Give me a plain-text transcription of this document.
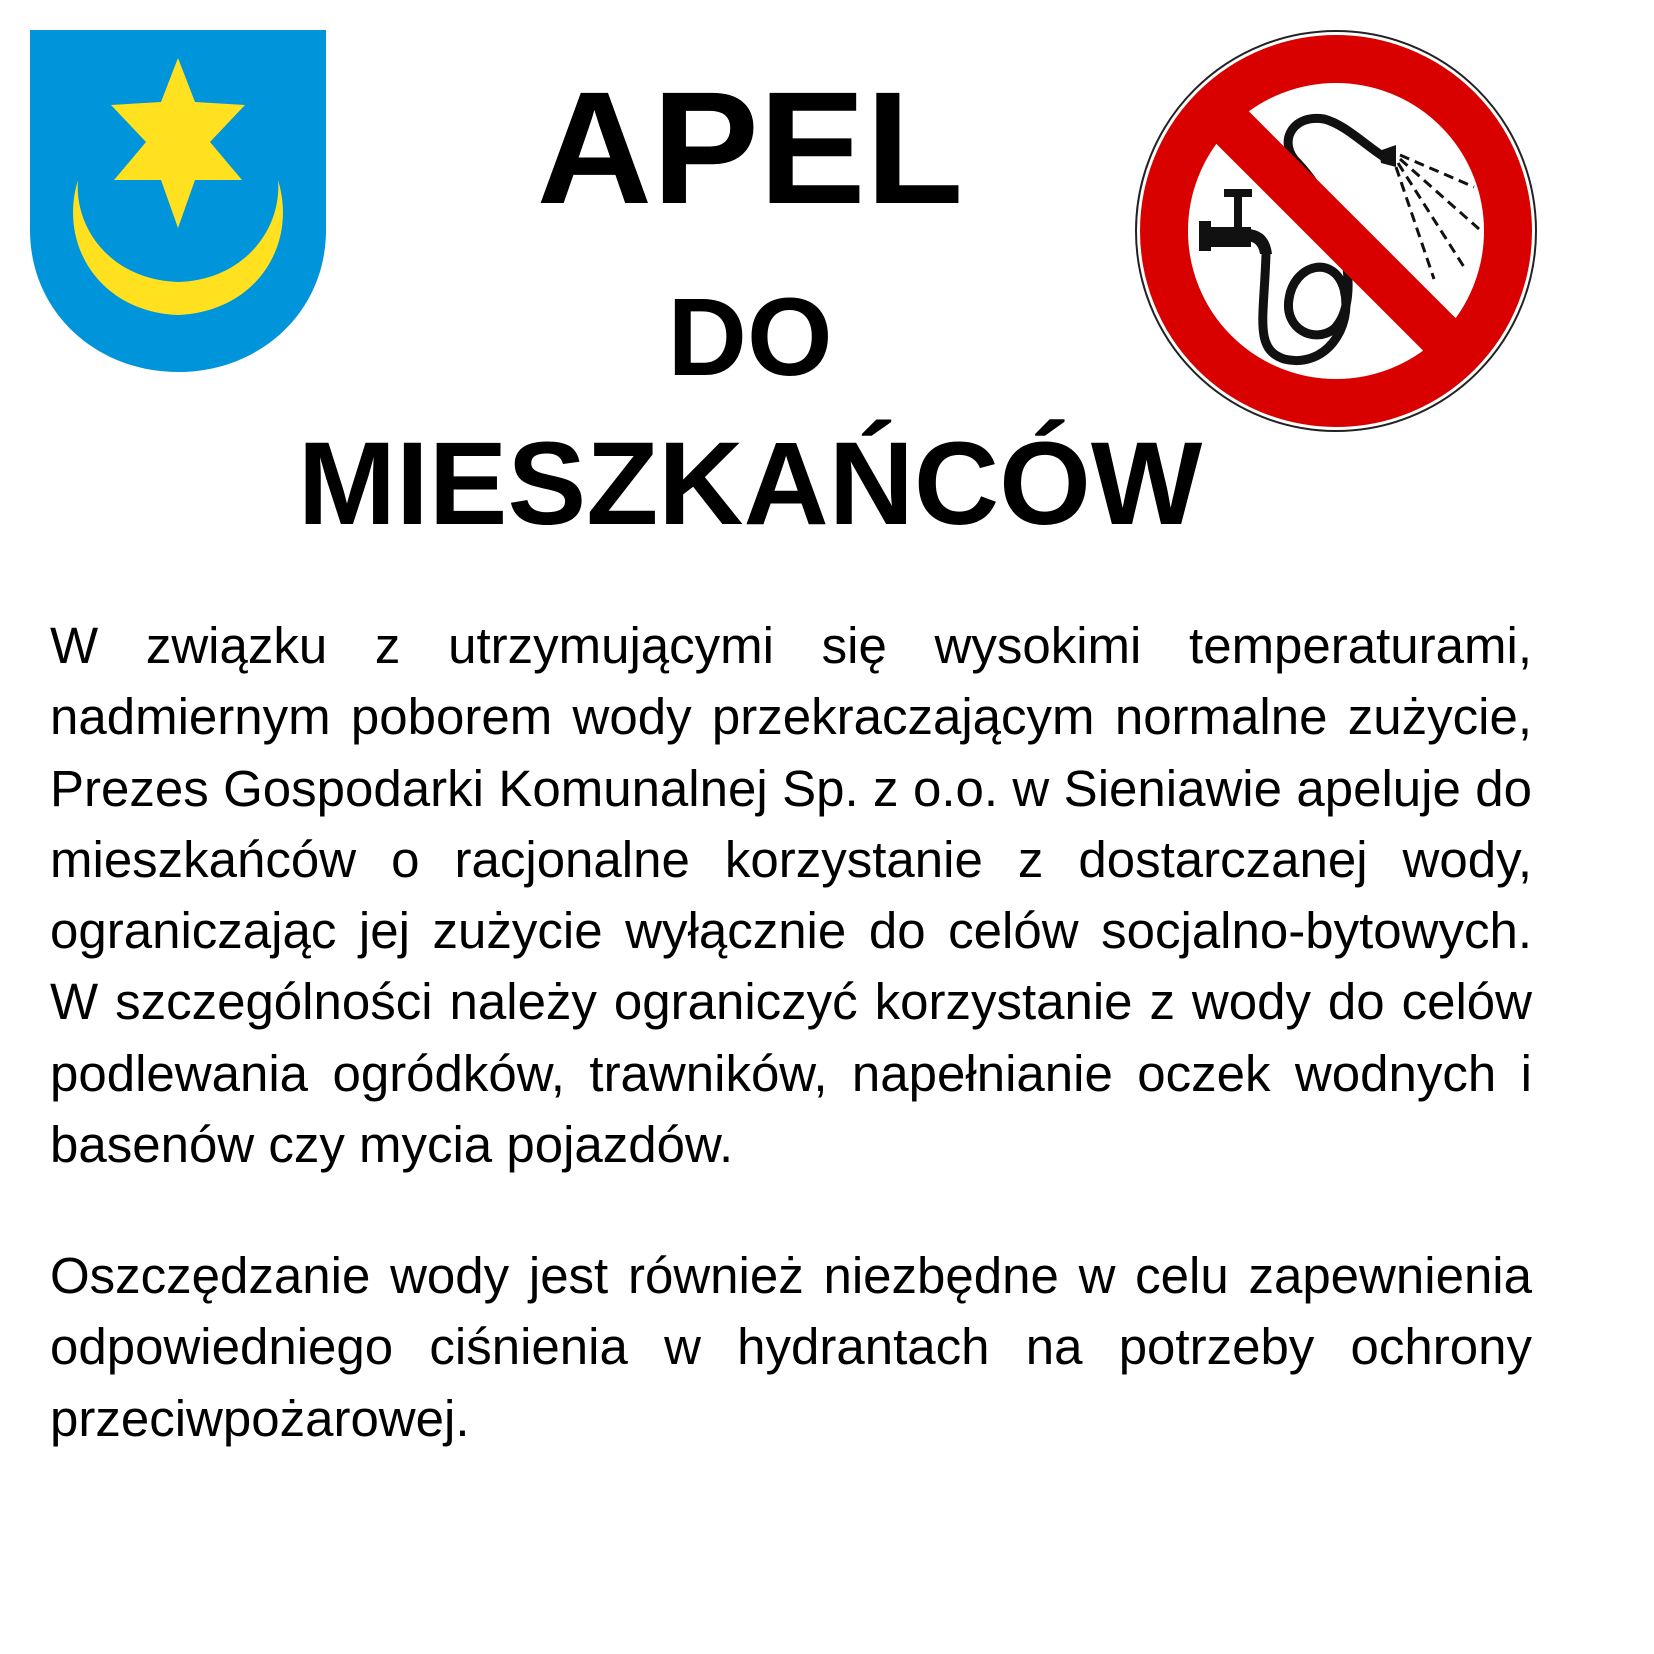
APEL
DO
MIESZKAŃCÓW

W związku z utrzymującymi się wysokimi temperaturami, nadmiernym poborem wody przekraczającym normalne zużycie, Prezes Gospodarki Komunalnej Sp. z o.o. w Sieniawie apeluje do mieszkańców o racjonalne korzystanie z dostarczanej wody, ograniczając jej zużycie wyłącznie do celów socjalno-bytowych. W szczególności należy ograniczyć korzystanie z wody do celów podlewania ogródków, trawników, napełnianie oczek wodnych i basenów czy mycia pojazdów.

Oszczędzanie wody jest również niezbędne w celu zapewnienia odpowiedniego ciśnienia w hydrantach na potrzeby ochrony przeciwpożarowej.
